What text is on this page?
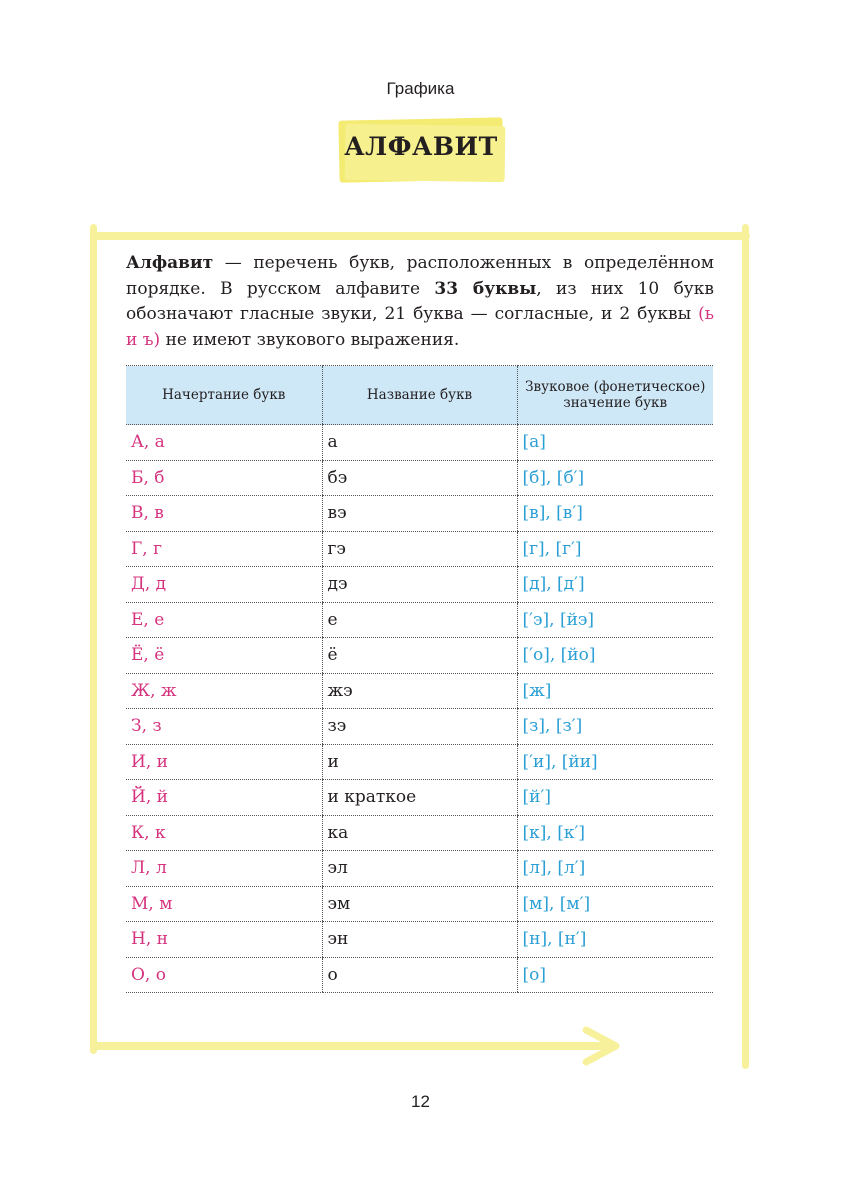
Графика
АЛФАВИТ
Алфавит — перечень букв, расположенных в определённом порядке. В русском алфавите 33 буквы, из них 10 букв обозначают гласные звуки, 21 буква — согласные, и 2 буквы (ь и ъ) не имеют звукового выражения.
Начертание букв	Название букв	Звуковое (фонетическое) значение букв
А, а	а	[а]
Б, б	бэ	[б], [б′]
В, в	вэ	[в], [в′]
Г, г	гэ	[г], [г′]
Д, д	дэ	[д], [д′]
Е, е	е	[′э], [йэ]
Ё, ё	ё	[′о], [йо]
Ж, ж	жэ	[ж]
З, з	зэ	[з], [з′]
И, и	и	[′и], [йи]
Й, й	и краткое	[й′]
К, к	ка	[к], [к′]
Л, л	эл	[л], [л′]
М, м	эм	[м], [м′]
Н, н	эн	[н], [н′]
О, о	о	[о]
12
